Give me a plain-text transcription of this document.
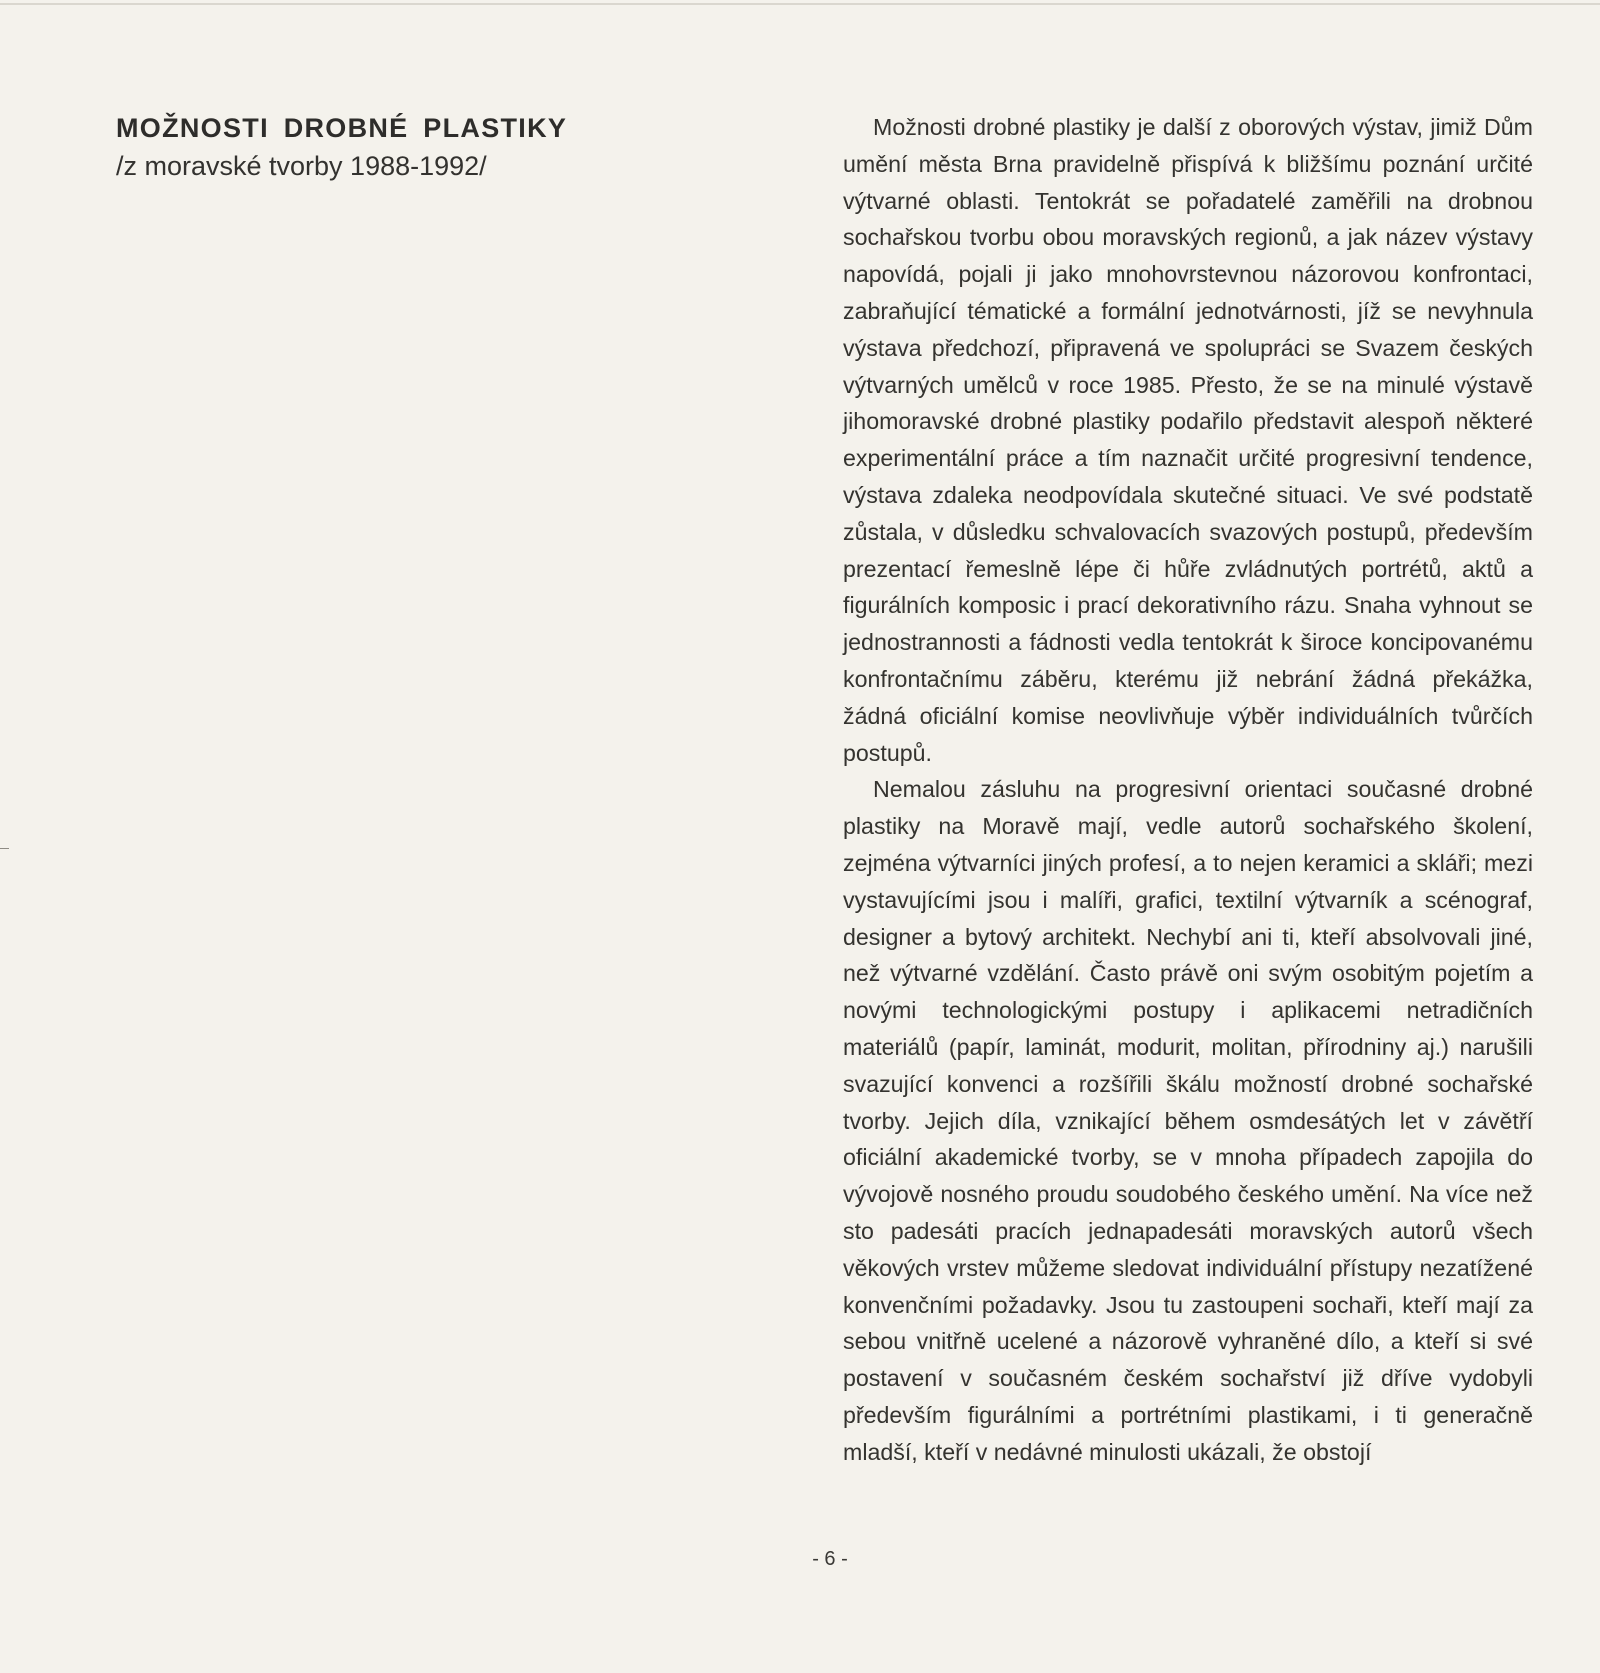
MOŽNOSTI DROBNÉ PLASTIKY

/z moravské tvorby 1988-1992/

Možnosti drobné plastiky je další z oborových výstav, jimiž Dům umění města Brna pravidelně přispívá k bližšímu poznání určité výtvarné oblasti. Tentokrát se pořadatelé zaměřili na drobnou sochařskou tvorbu obou moravských regionů, a jak název výstavy napovídá, pojali ji jako mnohovrstevnou názorovou konfrontaci, zabraňující tématické a formální jednotvárnosti, jíž se nevyhnula výstava předchozí, připravená ve spolupráci se Svazem českých výtvarných umělců v roce 1985. Přesto, že se na minulé výstavě jihomoravské drobné plastiky podařilo představit alespoň některé experimentální práce a tím naznačit určité progresivní tendence, výstava zdaleka neodpovídala skutečné situaci. Ve své podstatě zůstala, v důsledku schvalovacích svazových postupů, především prezentací řemeslně lépe či hůře zvládnutých portrétů, aktů a figurálních komposic i prací dekorativního rázu. Snaha vyhnout se jednostrannosti a fádnosti vedla tentokrát k široce koncipovanému konfrontačnímu záběru, kterému již nebrání žádná překážka, žádná oficiální komise neovlivňuje výběr individuálních tvůrčích postupů.

Nemalou zásluhu na progresivní orientaci současné drobné plastiky na Moravě mají, vedle autorů sochařského školení, zejména výtvarníci jiných profesí, a to nejen keramici a skláři; mezi vystavujícími jsou i malíři, grafici, textilní výtvarník a scénograf, designer a bytový architekt. Nechybí ani ti, kteří absolvovali jiné, než výtvarné vzdělání. Často právě oni svým osobitým pojetím a novými technologickými postupy i aplikacemi netradičních materiálů (papír, laminát, modurit, molitan, přírodniny aj.) narušili svazující konvenci a rozšířili škálu možností drobné sochařské tvorby. Jejich díla, vznikající během osmdesátých let v závětří oficiální akademické tvorby, se v mnoha případech zapojila do vývojově nosného proudu soudobého českého umění. Na více než sto padesáti pracích jednapadesáti moravských autorů všech věkových vrstev můžeme sledovat individuální přístupy nezatížené konvenčními požadavky. Jsou tu zastoupeni sochaři, kteří mají za sebou vnitřně ucelené a názorově vyhraněné dílo, a kteří si své postavení v současném českém sochařství již dříve vydobyli především figurálními a portrétními plastikami, i ti generačně mladší, kteří v nedávné minulosti ukázali, že obstojí

- 6 -
